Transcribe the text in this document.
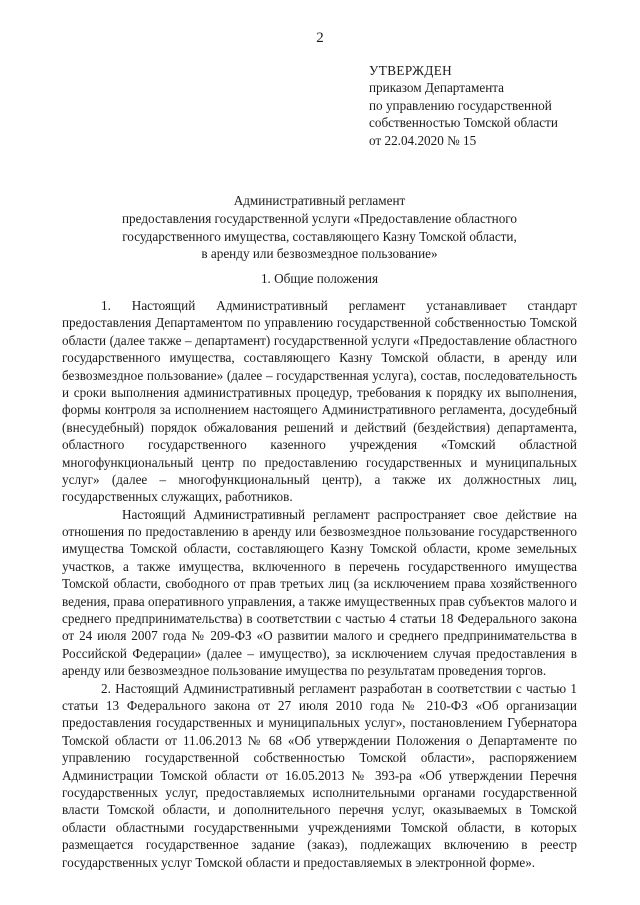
2
УТВЕРЖДЕН
приказом Департамента
по управлению государственной
собственностью Томской области
от 22.04.2020 № 15
Административный регламент
предоставления государственной услуги «Предоставление областного
государственного имущества, составляющего Казну Томской области,
в аренду или безвозмездное пользование»
1. Общие положения
1. Настоящий Административный регламент устанавливает стандарт
предоставления Департаментом по управлению государственной собственностью Томской
области (далее также – департамент) государственной услуги «Предоставление областного
государственного имущества, составляющего Казну Томской области, в аренду или
безвозмездное пользование» (далее – государственная услуга), состав, последовательность
и сроки выполнения административных процедур, требования к порядку их выполнения,
формы контроля за исполнением настоящего Административного регламента, досудебный
(внесудебный) порядок обжалования решений и действий (бездействия) департамента,
областного государственного казенного учреждения «Томский областной
многофункциональный центр по предоставлению государственных и муниципальных
услуг» (далее – многофункциональный центр), а также их должностных лиц,
государственных служащих, работников.
Настоящий Административный регламент распространяет свое действие на
отношения по предоставлению в аренду или безвозмездное пользование государственного
имущества Томской области, составляющего Казну Томской области, кроме земельных
участков, а также имущества, включенного в перечень государственного имущества
Томской области, свободного от прав третьих лиц (за исключением права хозяйственного
ведения, права оперативного управления, а также имущественных прав субъектов малого и
среднего предпринимательства) в соответствии с частью 4 статьи 18 Федерального закона
от 24 июля 2007 года № 209-ФЗ «О развитии малого и среднего предпринимательства в
Российской Федерации» (далее – имущество), за исключением случая предоставления в
аренду или безвозмездное пользование имущества по результатам проведения торгов.
2. Настоящий Административный регламент разработан в соответствии с частью 1
статьи 13 Федерального закона от 27 июля 2010 года № 210-ФЗ «Об организации
предоставления государственных и муниципальных услуг», постановлением Губернатора
Томской области от 11.06.2013 № 68 «Об утверждении Положения о Департаменте по
управлению государственной собственностью Томской области», распоряжением
Администрации Томской области от 16.05.2013 № 393-ра «Об утверждении Перечня
государственных услуг, предоставляемых исполнительными органами государственной
власти Томской области, и дополнительного перечня услуг, оказываемых в Томской
области областными государственными учреждениями Томской области, в которых
размещается государственное задание (заказ), подлежащих включению в реестр
государственных услуг Томской области и предоставляемых в электронной форме».
